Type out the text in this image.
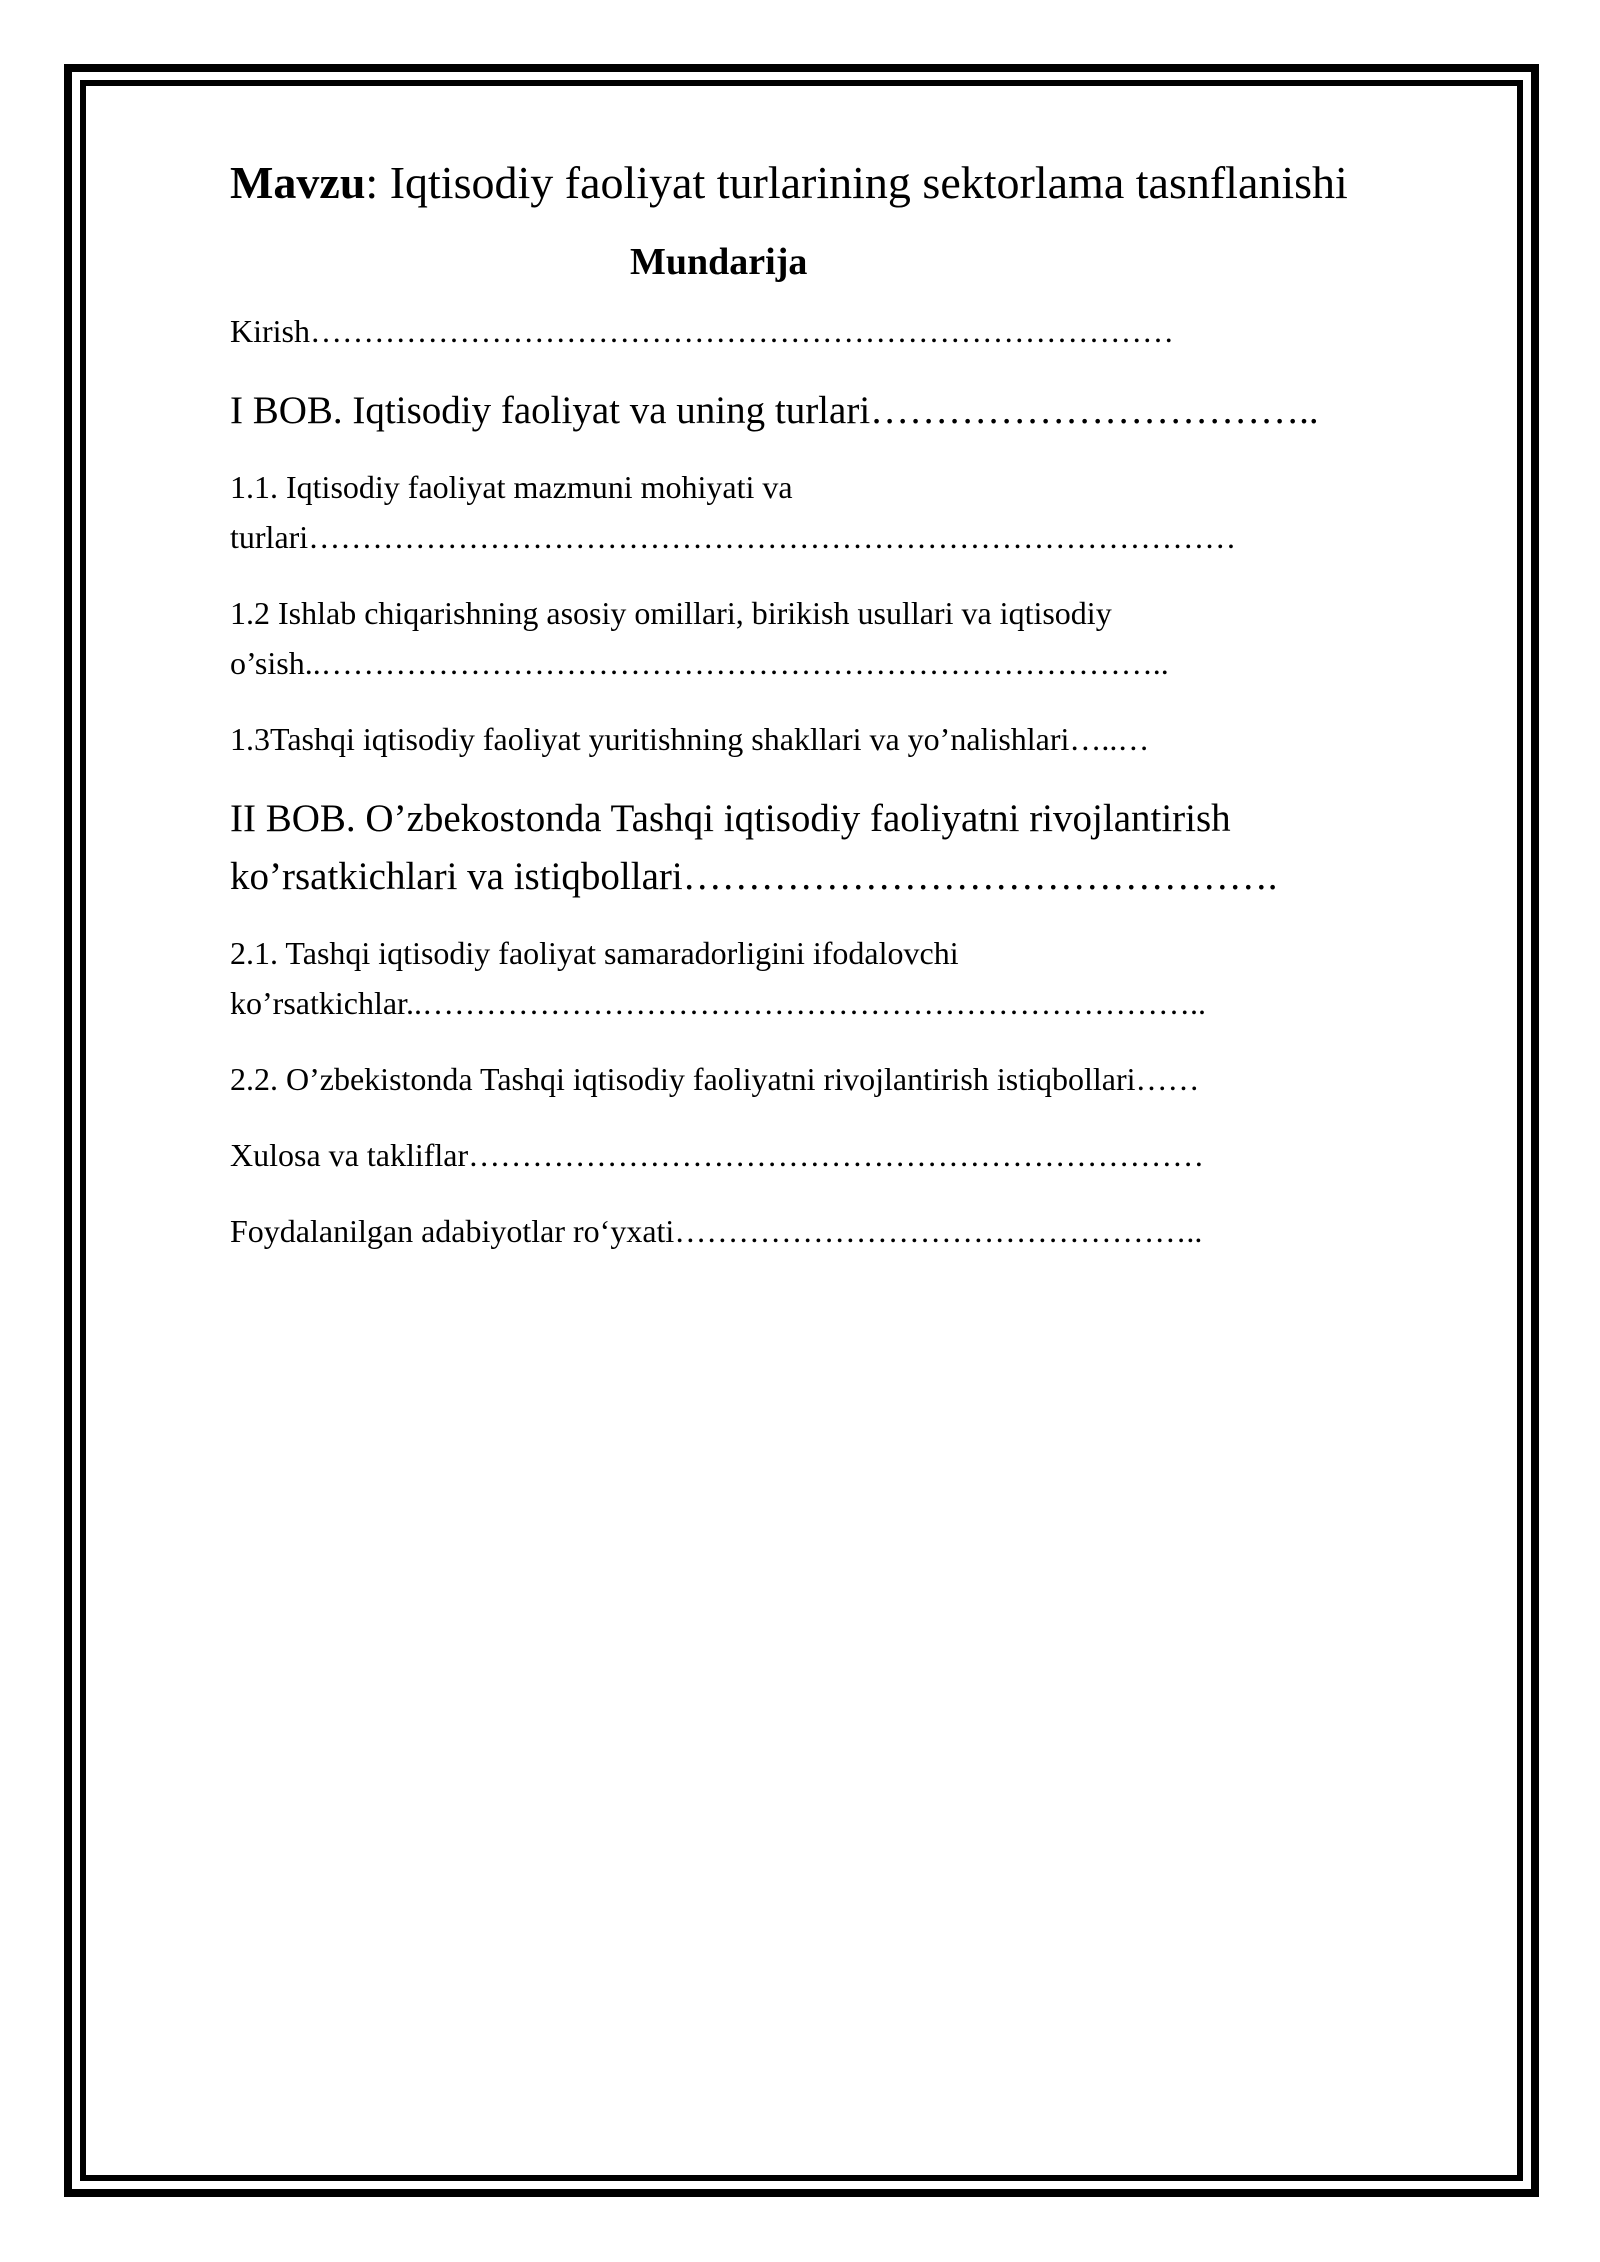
Mavzu: Iqtisodiy faoliyat turlarining sektorlama tasnflanishi

Mundarija
Kirish………………………………………………………………………
I BOB. Iqtisodiy faoliyat va uning turlari……………………………..
1.1. Iqtisodiy faoliyat mazmuni mohiyati va
turlari……………………………………………………………………………
1.2 Ishlab chiqarishning asosiy omillari, birikish usullari va iqtisodiy
o’sish..……………………………………………………………………..
1.3Tashqi iqtisodiy faoliyat yuritishning shakllari va yo’nalishlari…..…
II BOB. O’zbekostonda Tashqi iqtisodiy faoliyatni rivojlantirish
ko’rsatkichlari va istiqbollari……………………………………….
2.1. Tashqi iqtisodiy faoliyat samaradorligini ifodalovchi
ko’rsatkichlar..………………………………………………………………..
2.2. O’zbekistonda Tashqi iqtisodiy faoliyatni rivojlantirish istiqbollari……
Xulosa va takliflar……………………………………………………………
Foydalanilgan adabiyotlar ro‘yxati…………………………………………..
